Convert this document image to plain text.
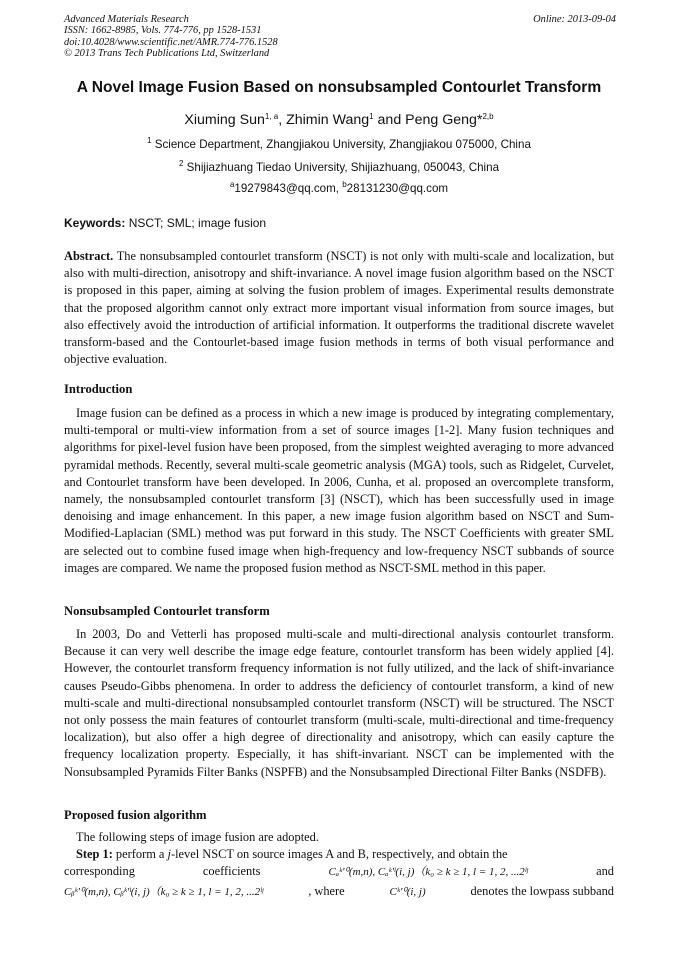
Advanced Materials Research
ISSN: 1662-8985, Vols. 774-776, pp 1528-1531
doi:10.4028/www.scientific.net/AMR.774-776.1528
© 2013 Trans Tech Publications Ltd, Switzerland
Online: 2013-09-04
A Novel Image Fusion Based on nonsubsampled Contourlet Transform
Xiuming Sun$^{1, a}$, Zhimin Wang$^1$ and Peng Geng*$^{2,b}$
$^1$ Science Department, Zhangjiakou University, Zhangjiakou 075000, China
$^2$ Shijiazhuang Tiedao University, Shijiazhuang, 050043, China
$^a$19279843@qq.com, $^b$28131230@qq.com
Keywords: NSCT; SML; image fusion

Abstract. The nonsubsampled contourlet transform (NSCT) is not only with multi-scale and localization, but also with multi-direction, anisotropy and shift-invariance. A novel image fusion algorithm based on the NSCT is proposed in this paper, aiming at solving the fusion problem of images. Experimental results demonstrate that the proposed algorithm cannot only extract more important visual information from source images, but also effectively avoid the introduction of artificial information. It outperforms the traditional discrete wavelet transform-based and the Contourlet-based image fusion methods in terms of both visual performance and objective evaluation.

Introduction

Image fusion can be defined as a process in which a new image is produced by integrating complementary, multi-temporal or multi-view information from a set of source images [1-2]. Many fusion techniques and algorithms for pixel-level fusion have been proposed, from the simplest weighted averaging to more advanced pyramidal methods. Recently, several multi-scale geometric analysis (MGA) tools, such as Ridgelet, Curvelet, and Contourlet transform have been developed. In 2006, Cunha, et al. proposed an overcomplete transform, namely, the nonsubsampled contourlet transform [3] (NSCT), which has been successfully used in image denoising and image enhancement. In this paper, a new image fusion algorithm based on NSCT and Sum-Modified-Laplacian (SML) method was put forward in this study. The NSCT Coefficients with greater SML are selected out to combine fused image when high-frequency and low-frequency NSCT subbands of source images are compared. We name the proposed fusion method as NSCT-SML method in this paper.

Nonsubsampled Contourlet transform

In 2003, Do and Vetterli has proposed multi-scale and multi-directional analysis contourlet transform. Because it can very well describe the image edge feature, contourlet transform has been widely applied [4]. However, the contourlet transform frequency information is not fully utilized, and the lack of shift-invariance causes Pseudo-Gibbs phenomena. In order to address the deficiency of contourlet transform, a kind of new multi-scale and multi-directional nonsubsampled contourlet transform (NSCT) will be structured. The NSCT not only possess the main features of contourlet transform (multi-scale, multi-directional and time-frequency localization), but also offer a high degree of directionality and anisotropy, which can easily capture the frequency localization property. Especially, it has shift-invariant. NSCT can be implemented with the Nonsubsampled Pyramids Filter Banks (NSPFB) and the Nonsubsampled Directional Filter Banks (NSDFB).

Proposed fusion algorithm

The following steps of image fusion are adopted.

Step 1: perform a j-level NSCT on source images A and B, respectively, and obtain the

corresponding	coefficients	Cₐᵏʹ⁰(m,n), Cₐᵏʹˡ(i, j)（k₀ ≥ k ≥ 1, l = 1, 2, ...2ˡʲ	and
Cᵦᵏʹ⁰(m,n), Cᵦᵏʹˡ(i, j)（k₀ ≥ k ≥ 1, l = 1, 2, ...2ˡʲ	, where	Cᵏʹ⁰(i, j)	denotes the lowpass subband
